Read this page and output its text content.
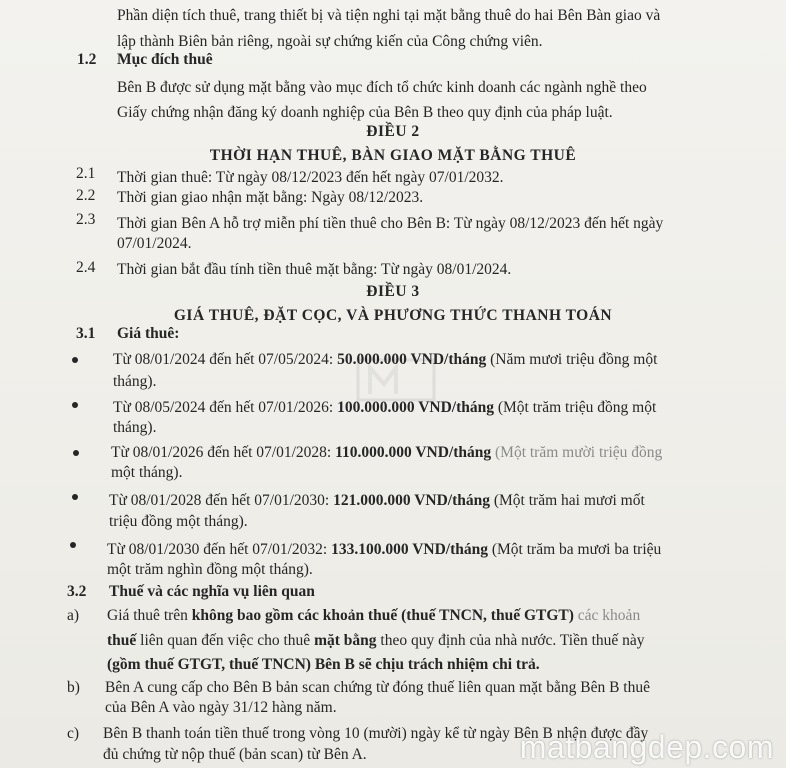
Phần diện tích thuê, trang thiết bị và tiện nghi tại mặt bằng thuê do hai Bên Bàn giao và
lập thành Biên bản riêng, ngoài sự chứng kiến của Công chứng viên.
1.2 Mục đích thuê
Bên B được sử dụng mặt bằng vào mục đích tổ chức kinh doanh các ngành nghề theo
Giấy chứng nhận đăng ký doanh nghiệp của Bên B theo quy định của pháp luật.
ĐIỀU 2
THỜI HẠN THUÊ, BÀN GIAO MẶT BẰNG THUÊ
2.1 Thời gian thuê: Từ ngày 08/12/2023 đến hết ngày 07/01/2032.
2.2 Thời gian giao nhận mặt bằng: Ngày 08/12/2023.
2.3 Thời gian Bên A hỗ trợ miễn phí tiền thuê cho Bên B: Từ ngày 08/12/2023 đến hết ngày
07/01/2024.
2.4 Thời gian bắt đầu tính tiền thuê mặt bằng: Từ ngày 08/01/2024.
ĐIỀU 3
GIÁ THUÊ, ĐẶT CỌC, VÀ PHƯƠNG THỨC THANH TOÁN
3.1 Giá thuê:
Từ 08/01/2024 đến hết 07/05/2024: 50.000.000 VND/tháng (Năm mươi triệu đồng một
tháng).
Từ 08/05/2024 đến hết 07/01/2026: 100.000.000 VND/tháng (Một trăm triệu đồng một
tháng).
Từ 08/01/2026 đến hết 07/01/2028: 110.000.000 VND/tháng (Một trăm mười triệu đồng
một tháng).
Từ 08/01/2028 đến hết 07/01/2030: 121.000.000 VND/tháng (Một trăm hai mươi mốt
triệu đồng một tháng).
Từ 08/01/2030 đến hết 07/01/2032: 133.100.000 VND/tháng (Một trăm ba mươi ba triệu
một trăm nghìn đồng một tháng).
3.2 Thuế và các nghĩa vụ liên quan
a) Giá thuê trên không bao gồm các khoản thuế (thuế TNCN, thuế GTGT) các khoản
thuế liên quan đến việc cho thuê mặt bằng theo quy định của nhà nước. Tiền thuế này
(gồm thuế GTGT, thuế TNCN) Bên B sẽ chịu trách nhiệm chi trả.
b) Bên A cung cấp cho Bên B bản scan chứng từ đóng thuế liên quan mặt bằng Bên B thuê
của Bên A vào ngày 31/12 hàng năm.
c) Bên B thanh toán tiền thuế trong vòng 10 (mười) ngày kể từ ngày Bên B nhận được đầy
đủ chứng từ nộp thuế (bản scan) từ Bên A.	matbangdep.com
